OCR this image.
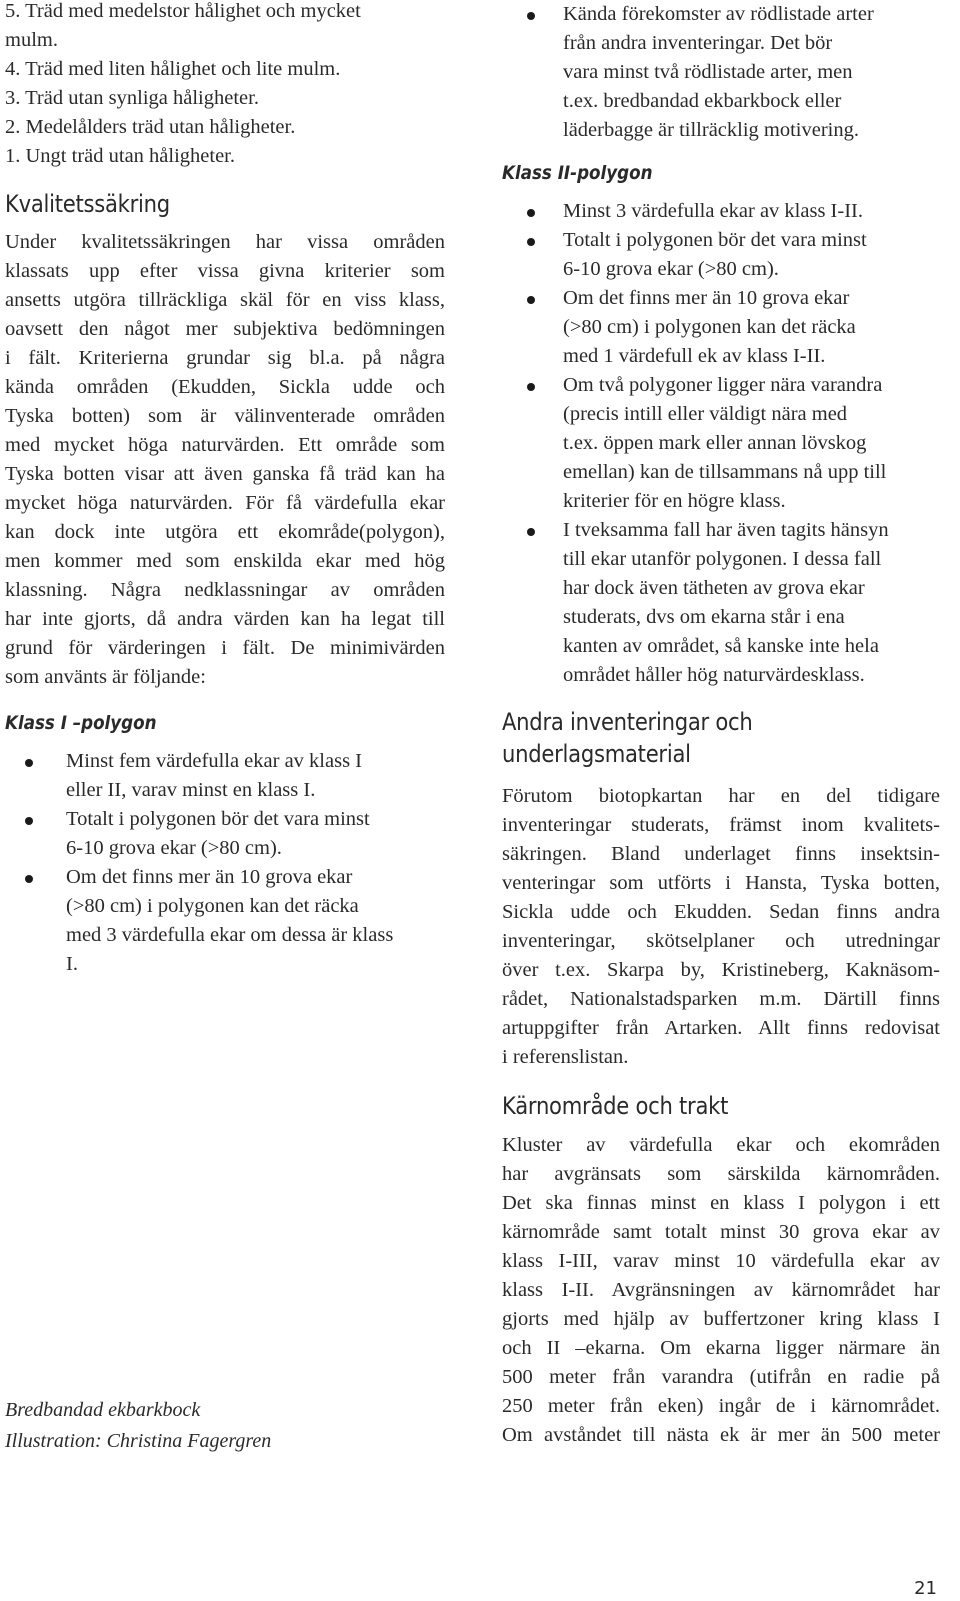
5. Träd med medelstor hålighet och mycket
mulm.
4. Träd med liten hålighet och lite mulm.
3. Träd utan synliga håligheter.
2. Medelålders träd utan håligheter.
1. Ungt träd utan håligheter.
Kvalitetssäkring
Under kvalitetssäkringen har vissa områden
klassats upp efter vissa givna kriterier som
ansetts utgöra tillräckliga skäl för en viss klass,
oavsett den något mer subjektiva bedömningen
i fält. Kriterierna grundar sig bl.a. på några
kända områden (Ekudden, Sickla udde och
Tyska botten) som är välinventerade områden
med mycket höga naturvärden. Ett område som
Tyska botten visar att även ganska få träd kan ha
mycket höga naturvärden. För få värdefulla ekar
kan dock inte utgöra ett ekområde(polygon),
men kommer med som enskilda ekar med hög
klassning. Några nedklassningar av områden
har inte gjorts, då andra värden kan ha legat till
grund för värderingen i fält. De minimivärden
som använts är följande:
Klass I –polygon
Minst fem värdefulla ekar av klass I
eller II, varav minst en klass I.
Totalt i polygonen bör det vara minst
6-10 grova ekar (>80 cm).
Om det finns mer än 10 grova ekar
(>80 cm) i polygonen kan det räcka
med 3 värdefulla ekar om dessa är klass
I.
Bredbandad ekbarkbock
Illustration: Christina Fagergren
Kända förekomster av rödlistade arter
från andra inventeringar. Det bör
vara minst två rödlistade arter, men
t.ex. bredbandad ekbarkbock eller
läderbagge är tillräcklig motivering.
Klass II-polygon
Minst 3 värdefulla ekar av klass I-II.
Totalt i polygonen bör det vara minst
6-10 grova ekar (>80 cm).
Om det finns mer än 10 grova ekar
(>80 cm) i polygonen kan det räcka
med 1 värdefull ek av klass I-II.
Om två polygoner ligger nära varandra
(precis intill eller väldigt nära med
t.ex. öppen mark eller annan lövskog
emellan) kan de tillsammans nå upp till
kriterier för en högre klass.
I tveksamma fall har även tagits hänsyn
till ekar utanför polygonen. I dessa fall
har dock även tätheten av grova ekar
studerats, dvs om ekarna står i ena
kanten av området, så kanske inte hela
området håller hög naturvärdesklass.
Andra inventeringar och
underlagsmaterial
Förutom biotopkartan har en del tidigare
inventeringar studerats, främst inom kvalitets-
säkringen. Bland underlaget finns insektsin-
venteringar som utförts i Hansta, Tyska botten,
Sickla udde och Ekudden. Sedan finns andra
inventeringar, skötselplaner och utredningar
över t.ex. Skarpa by, Kristineberg, Kaknäsom-
rådet, Nationalstadsparken m.m. Därtill finns
artuppgifter från Artarken. Allt finns redovisat
i referenslistan.
Kärnområde och trakt
Kluster av värdefulla ekar och ekområden
har avgränsats som särskilda kärnområden.
Det ska finnas minst en klass I polygon i ett
kärnområde samt totalt minst 30 grova ekar av
klass I-III, varav minst 10 värdefulla ekar av
klass I-II. Avgränsningen av kärnområdet har
gjorts med hjälp av buffertzoner kring klass I
och II –ekarna. Om ekarna ligger närmare än
500 meter från varandra (utifrån en radie på
250 meter från eken) ingår de i kärnområdet.
Om avståndet till nästa ek är mer än 500 meter
21
